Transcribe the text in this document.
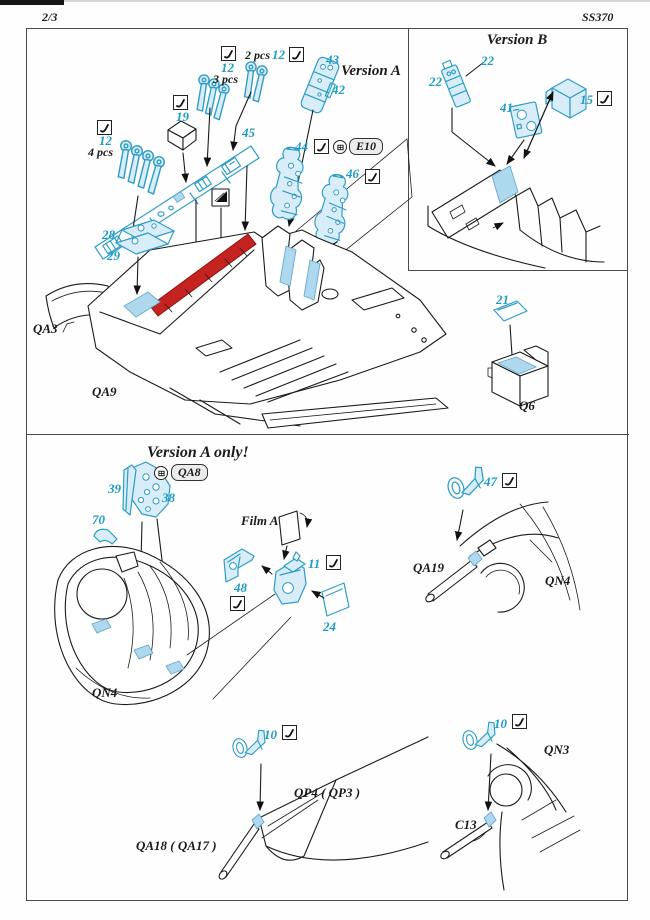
2/3	SS370
12
4 pcs
12
3 pcs
2 pcs 12
19
43
42
Version A
45
44	E10
46
28
29
QA3
QA9
21
Q6
Version B
22
22
41
15
Version A only!
QA8
39
38
70
QN4
Film A
48
11
24
47
QA19
QN4
10
QP4 ( QP3 )
QA18 ( QA17 )
10
QN3
C13
